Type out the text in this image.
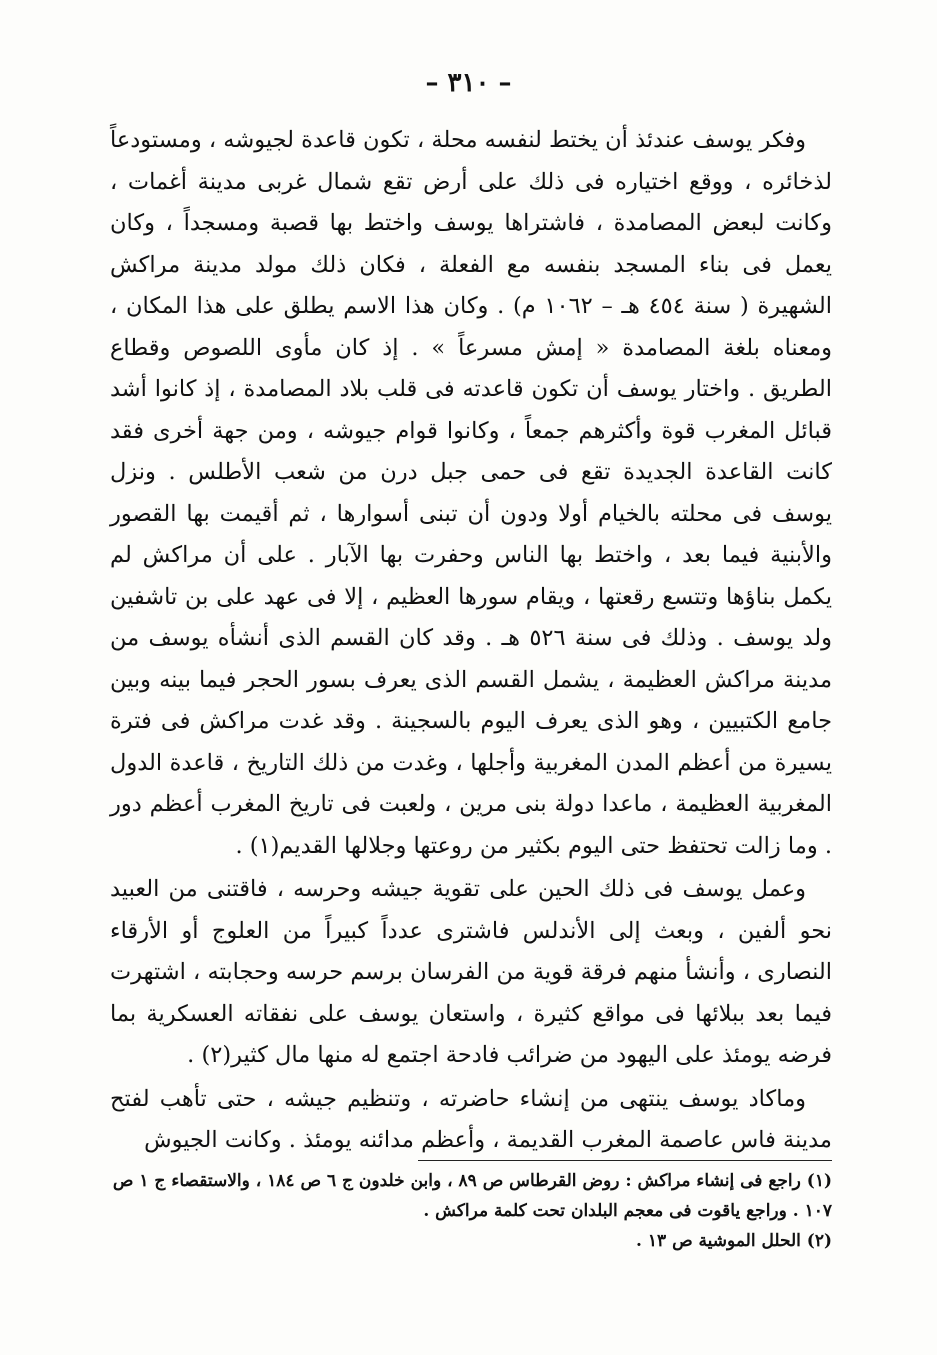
– ٣١٠ –

وفكر يوسف عندئذ أن يختط لنفسه محلة ، تكون قاعدة لجيوشه ، ومستودعاً لذخائره ، ووقع اختياره فى ذلك على أرض تقع شمال غربى مدينة أغمات ، وكانت لبعض المصامدة ، فاشتراها يوسف واختط بها قصبة ومسجداً ، وكان يعمل فى بناء المسجد بنفسه مع الفعلة ، فكان ذلك مولد مدينة مراكش الشهيرة ( سنة ٤٥٤ هـ – ١٠٦٢ م) . وكان هذا الاسم يطلق على هذا المكان ، ومعناه بلغة المصامدة « إمش مسرعاً » . إذ كان مأوى اللصوص وقطاع الطريق . واختار يوسف أن تكون قاعدته فى قلب بلاد المصامدة ، إذ كانوا أشد قبائل المغرب قوة وأكثرهم جمعاً ، وكانوا قوام جيوشه ، ومن جهة أخرى فقد كانت القاعدة الجديدة تقع فى حمى جبل درن من شعب الأطلس . ونزل يوسف فى محلته بالخيام أولا ودون أن تبنى أسوارها ، ثم أقيمت بها القصور والأبنية فيما بعد ، واختط بها الناس وحفرت بها الآبار . على أن مراكش لم يكمل بناؤها وتتسع رقعتها ، ويقام سورها العظيم ، إلا فى عهد على بن تاشفين ولد يوسف . وذلك فى سنة ٥٢٦ هـ . وقد كان القسم الذى أنشأه يوسف من مدينة مراكش العظيمة ، يشمل القسم الذى يعرف بسور الحجر فيما بينه وبين جامع الكتبيين ، وهو الذى يعرف اليوم بالسجينة . وقد غدت مراكش فى فترة يسيرة من أعظم المدن المغربية وأجلها ، وغدت من ذلك التاريخ ، قاعدة الدول المغربية العظيمة ، ماعدا دولة بنى مرين ، ولعبت فى تاريخ المغرب أعظم دور . وما زالت تحتفظ حتى اليوم بكثير من روعتها وجلالها القديم(١) .

وعمل يوسف فى ذلك الحين على تقوية جيشه وحرسه ، فاقتنى من العبيد نحو ألفين ، وبعث إلى الأندلس فاشترى عدداً كبيراً من العلوج أو الأرقاء النصارى ، وأنشأ منهم فرقة قوية من الفرسان برسم حرسه وحجابته ، اشتهرت فيما بعد ببلائها فى مواقع كثيرة ، واستعان يوسف على نفقاته العسكرية بما فرضه يومئذ على اليهود من ضرائب فادحة اجتمع له منها مال كثير(٢) .

وماكاد يوسف ينتهى من إنشاء حاضرته ، وتنظيم جيشه ، حتى تأهب لفتح مدينة فاس عاصمة المغرب القديمة ، وأعظم مدائنه يومئذ . وكانت الجيوش

(١) راجع فى إنشاء مراكش : روض القرطاس ص ٨٩ ، وابن خلدون ج ٦ ص ١٨٤ ، والاستقصاء ج ١ ص ١٠٧ . وراجع ياقوت فى معجم البلدان تحت كلمة مراكش .

(٢) الحلل الموشية ص ١٣ .
